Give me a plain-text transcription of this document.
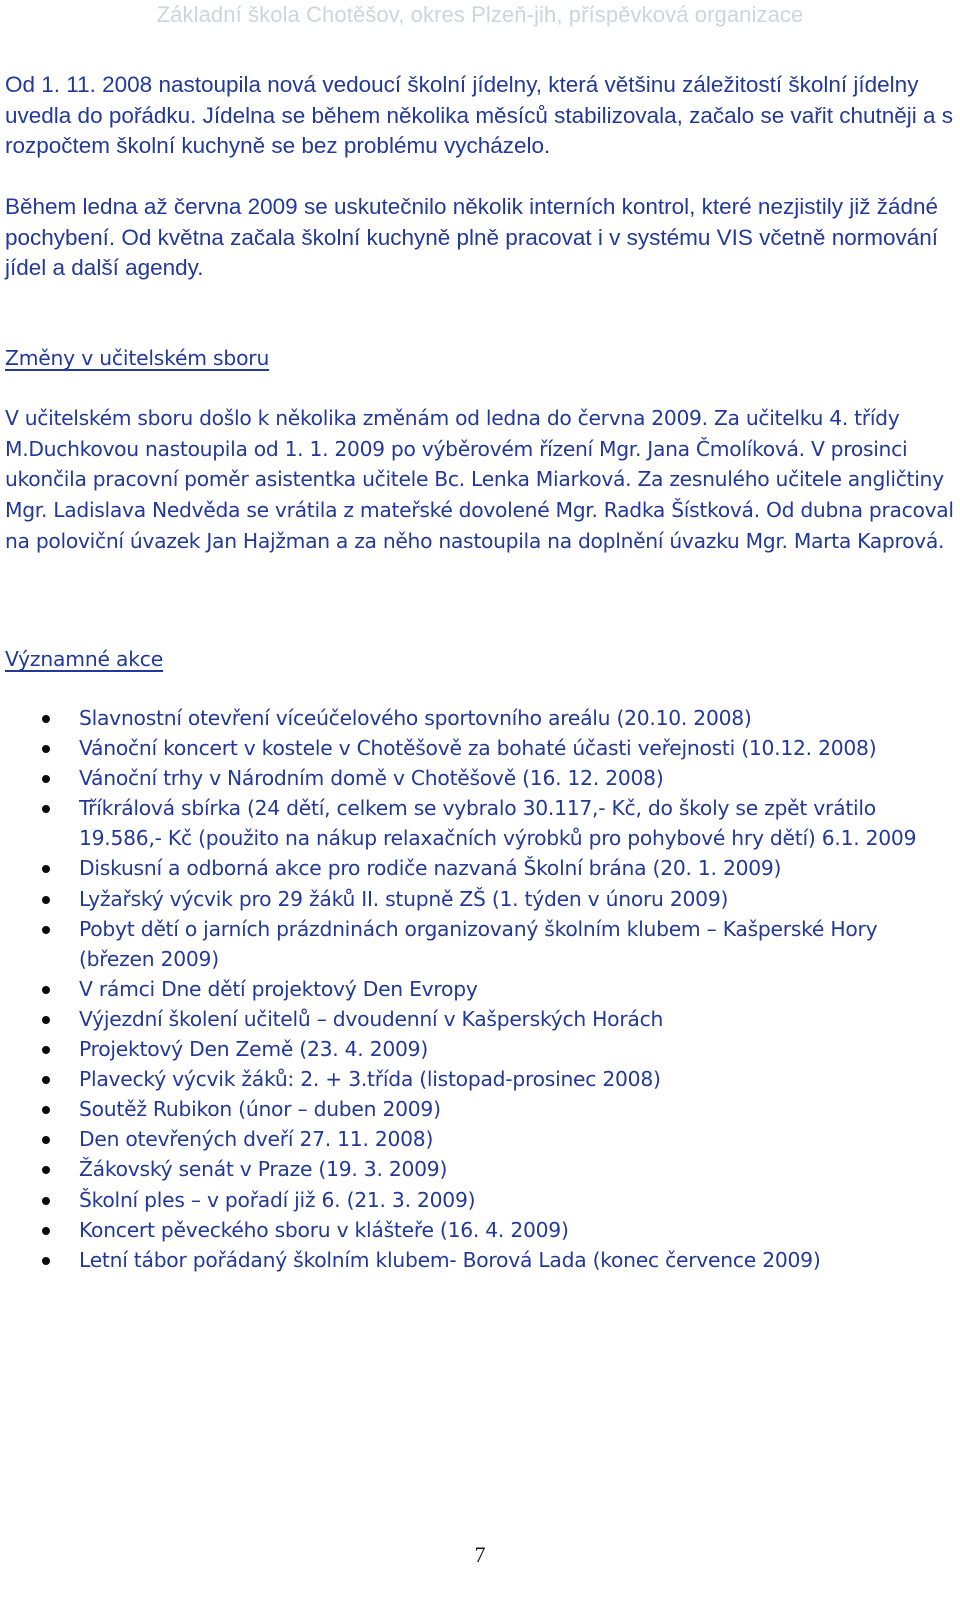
Základní škola Chotěšov, okres Plzeň-jih, příspěvková organizace

Od 1. 11. 2008 nastoupila nová vedoucí školní jídelny, která většinu záležitostí školní jídelny uvedla do pořádku. Jídelna se během několika měsíců stabilizovala, začalo se vařit chutněji a s rozpočtem školní kuchyně se bez problému vycházelo.

Během ledna až června 2009 se uskutečnilo několik interních kontrol, které nezjistily již žádné pochybení. Od května začala školní kuchyně plně pracovat i v systému VIS včetně normování jídel a další agendy.

Změny v učitelském sboru

V učitelském sboru došlo k několika změnám od ledna do června 2009. Za učitelku 4. třídy M.Duchkovou nastoupila od 1. 1. 2009 po výběrovém řízení Mgr. Jana Čmolíková. V prosinci ukončila pracovní poměr asistentka učitele Bc. Lenka Miarková. Za zesnulého učitele angličtiny Mgr. Ladislava Nedvěda se vrátila z mateřské dovolené Mgr. Radka Šístková. Od dubna pracoval na poloviční úvazek Jan Hajžman a za něho nastoupila na doplnění úvazku Mgr. Marta Kaprová.

Významné akce
Slavnostní otevření víceúčelového sportovního areálu (20.10. 2008)
Vánoční koncert v kostele v Chotěšově za bohaté účasti veřejnosti (10.12. 2008)
Vánoční trhy v Národním domě v Chotěšově (16. 12. 2008)
Tříkrálová sbírka (24 dětí, celkem se vybralo 30.117,- Kč, do školy se zpět vrátilo 19.586,- Kč (použito na nákup relaxačních výrobků pro pohybové hry dětí) 6.1. 2009
Diskusní a odborná akce pro rodiče nazvaná Školní brána (20. 1. 2009)
Lyžařský výcvik pro 29 žáků II. stupně ZŠ (1. týden v únoru 2009)
Pobyt dětí o jarních prázdninách organizovaný školním klubem – Kašperské Hory (březen 2009)
V rámci Dne dětí projektový Den Evropy
Výjezdní školení učitelů – dvoudenní v Kašperských Horách
Projektový Den Země (23. 4. 2009)
Plavecký výcvik žáků: 2. + 3.třída (listopad-prosinec 2008)
Soutěž Rubikon (únor – duben 2009)
Den otevřených dveří 27. 11. 2008)
Žákovský senát v Praze (19. 3. 2009)
Školní ples – v pořadí již 6. (21. 3. 2009)
Koncert pěveckého sboru v klášteře (16. 4. 2009)
Letní tábor pořádaný školním klubem- Borová Lada (konec července 2009)
7
